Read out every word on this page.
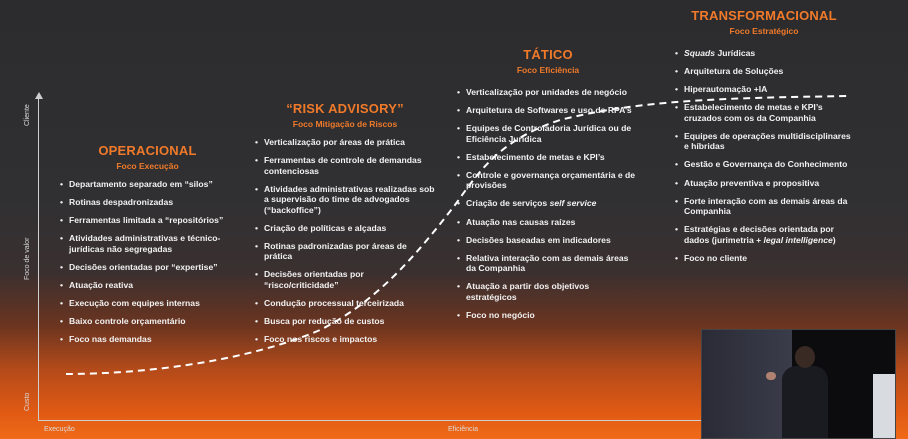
Cliente
Foco de valor
Custo
Execução	Eficiência
OPERACIONAL
Foco Execução
• Departamento separado em “silos”
• Rotinas despadronizadas
• Ferramentas limitada a “repositórios”
• Atividades administrativas e técnico-jurídicas não segregadas
• Decisões orientadas por “expertise”
• Atuação reativa
• Execução com equipes internas
• Baixo controle orçamentário
• Foco nas demandas
“RISK ADVISORY”
Foco Mitigação de Riscos
• Verticalização por áreas de prática
• Ferramentas de controle de demandas contenciosas
• Atividades administrativas realizadas sob a supervisão do time de advogados (“backoffice”)
• Criação de políticas e alçadas
• Rotinas padronizadas por áreas de prática
• Decisões orientadas por “risco/criticidade”
• Condução processual terceirizada
• Busca por redução de custos
• Foco nos riscos e impactos
TÁTICO
Foco Eficiência
• Verticalização por unidades de negócio
• Arquitetura de Softwares e uso de RPA’s
• Equipes de Controladoria Jurídica ou de Eficiência Jurídica
• Estabelecimento de metas e KPI’s
• Controle e governança orçamentária e de provisões
• Criação de serviços self service
• Atuação nas causas raízes
• Decisões baseadas em indicadores
• Relativa interação com as demais áreas da Companhia
• Atuação a partir dos objetivos estratégicos
• Foco no negócio
TRANSFORMACIONAL
Foco Estratégico
• Squads Jurídicas
• Arquitetura de Soluções
• Hiperautomação +IA
• Estabelecimento de metas e KPI’s cruzados com os da Companhia
• Equipes de operações multidisciplinares e híbridas
• Gestão e Governança do Conhecimento
• Atuação preventiva e propositiva
• Forte interação com as demais áreas da Companhia
• Estratégias e decisões orientada por dados (jurimetria + legal intelligence)
• Foco no cliente
